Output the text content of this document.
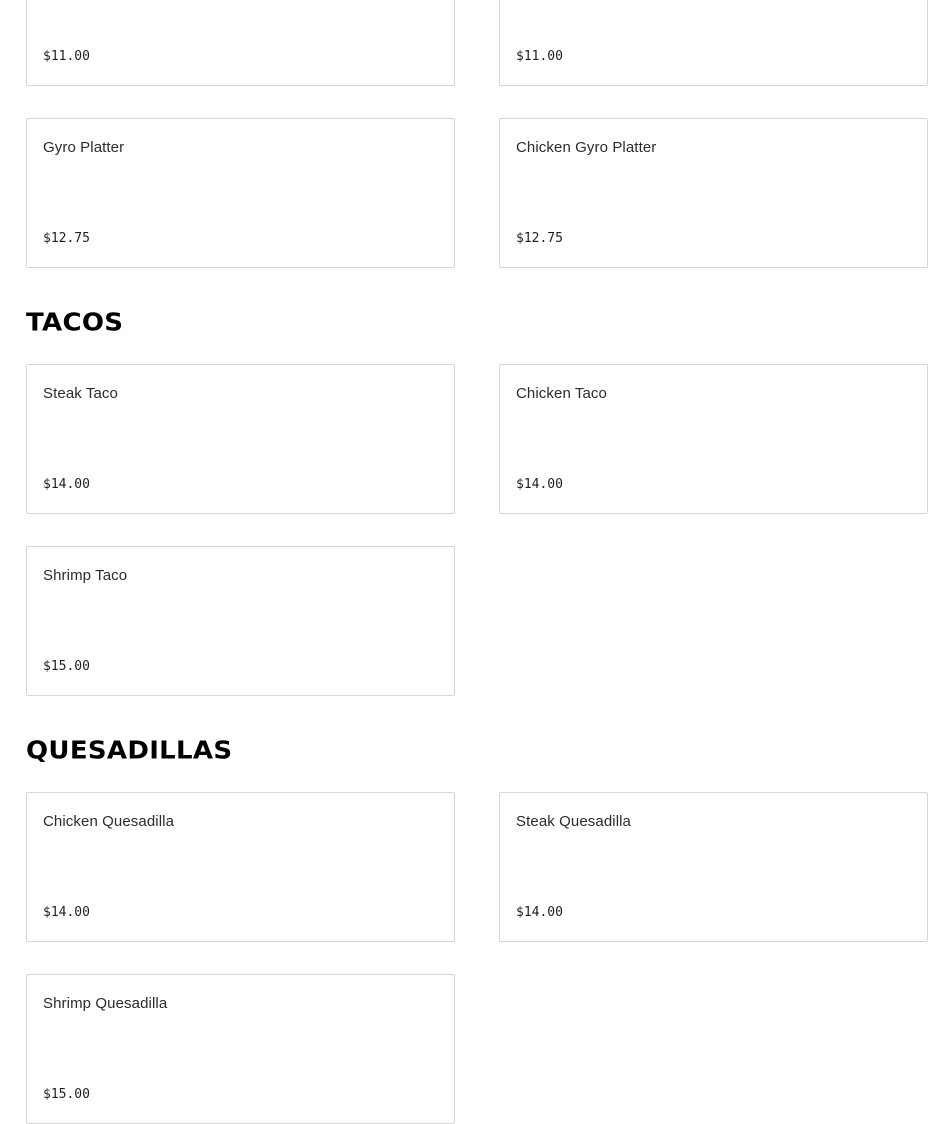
$11.00	$11.00
Gyro Platter
$12.75
Chicken Gyro Platter
$12.75
TACOS
Steak Taco
$14.00
Chicken Taco
$14.00
Shrimp Taco
$15.00
QUESADILLAS
Chicken Quesadilla
$14.00
Steak Quesadilla
$14.00
Shrimp Quesadilla
$15.00
